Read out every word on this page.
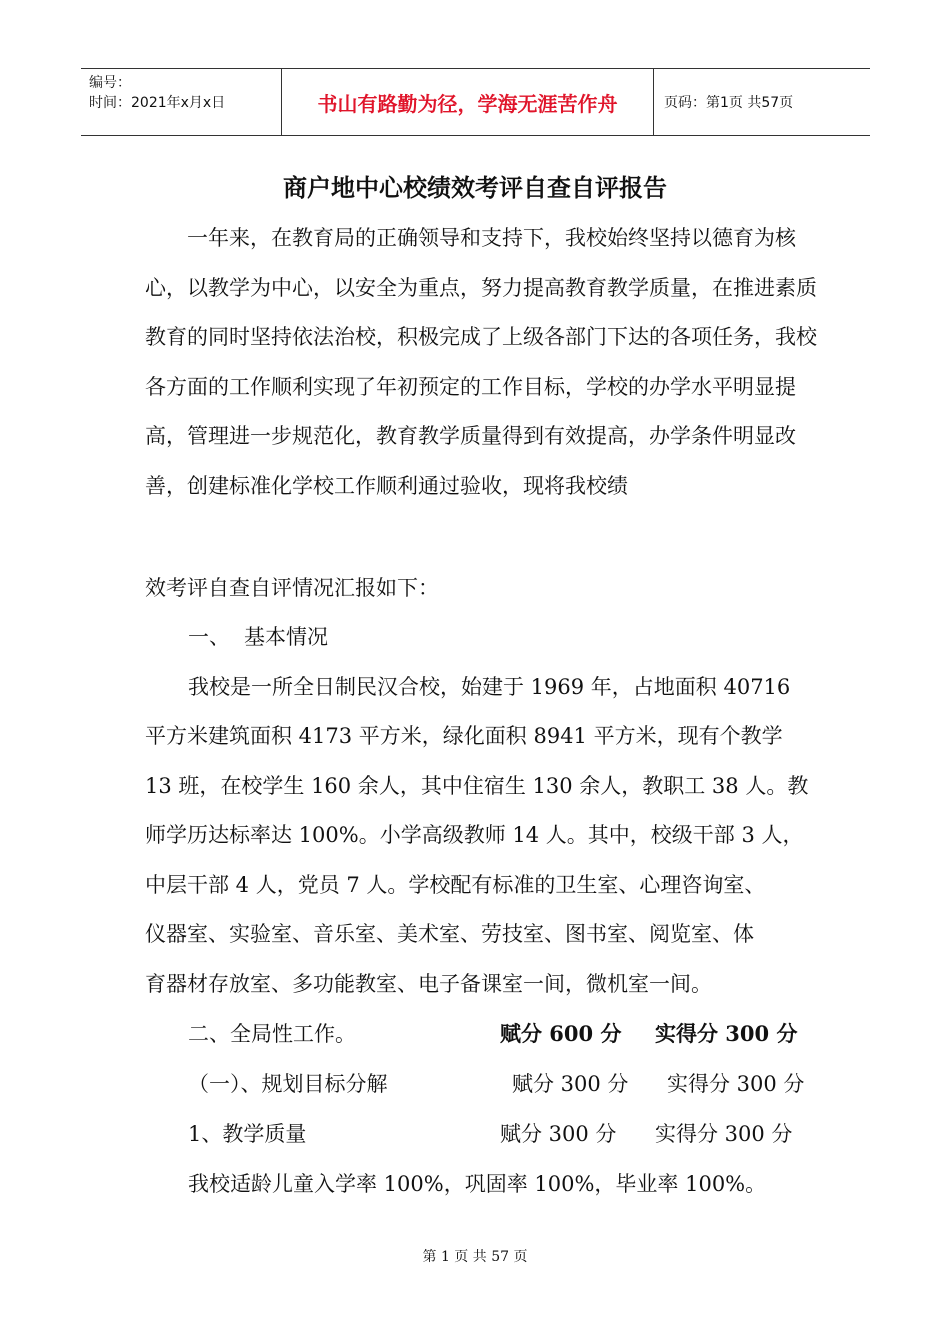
编号：
时间：2021年x月x日	书山有路勤为径，学海无涯苦作舟	页码：第1页 共57页
商户地中心校绩效考评自查自评报告

一年来，在教育局的正确领导和支持下，我校始终坚持以德育为核心，以教学为中心，以安全为重点，努力提高教育教学质量，在推进素质教育的同时坚持依法治校，积极完成了上级各部门下达的各项任务，我校各方面的工作顺利实现了年初预定的工作目标，学校的办学水平明显提高，管理进一步规范化，教育教学质量得到有效提高，办学条件明显改善，创建标准化学校工作顺利通过验收，现将我校绩

效考评自查自评情况汇报如下：
一、 基本情况
我校是一所全日制民汉合校，始建于 1969 年，占地面积 40716
平方米建筑面积 4173 平方米，绿化面积 8941 平方米，现有个教学
13 班，在校学生 160 余人，其中住宿生 130 余人，教职工 38 人。教
师学历达标率达 100%。小学高级教师 14 人。其中，校级干部 3 人，
中层干部 4 人，党员 7 人。学校配有标准的卫生室、心理咨询室、
仪器室、实验室、音乐室、美术室、劳技室、图书室、阅览室、体
育器材存放室、多功能教室、电子备课室一间，微机室一间。
二、全局性工作。	赋分 600 分 实得分 300 分
（一）、规划目标分解	赋分 300 分 实得分 300 分
1、教学质量	赋分 300 分 实得分 300 分
我校适龄儿童入学率 100%，巩固率 100%，毕业率 100%。
第 1 页 共 57 页
